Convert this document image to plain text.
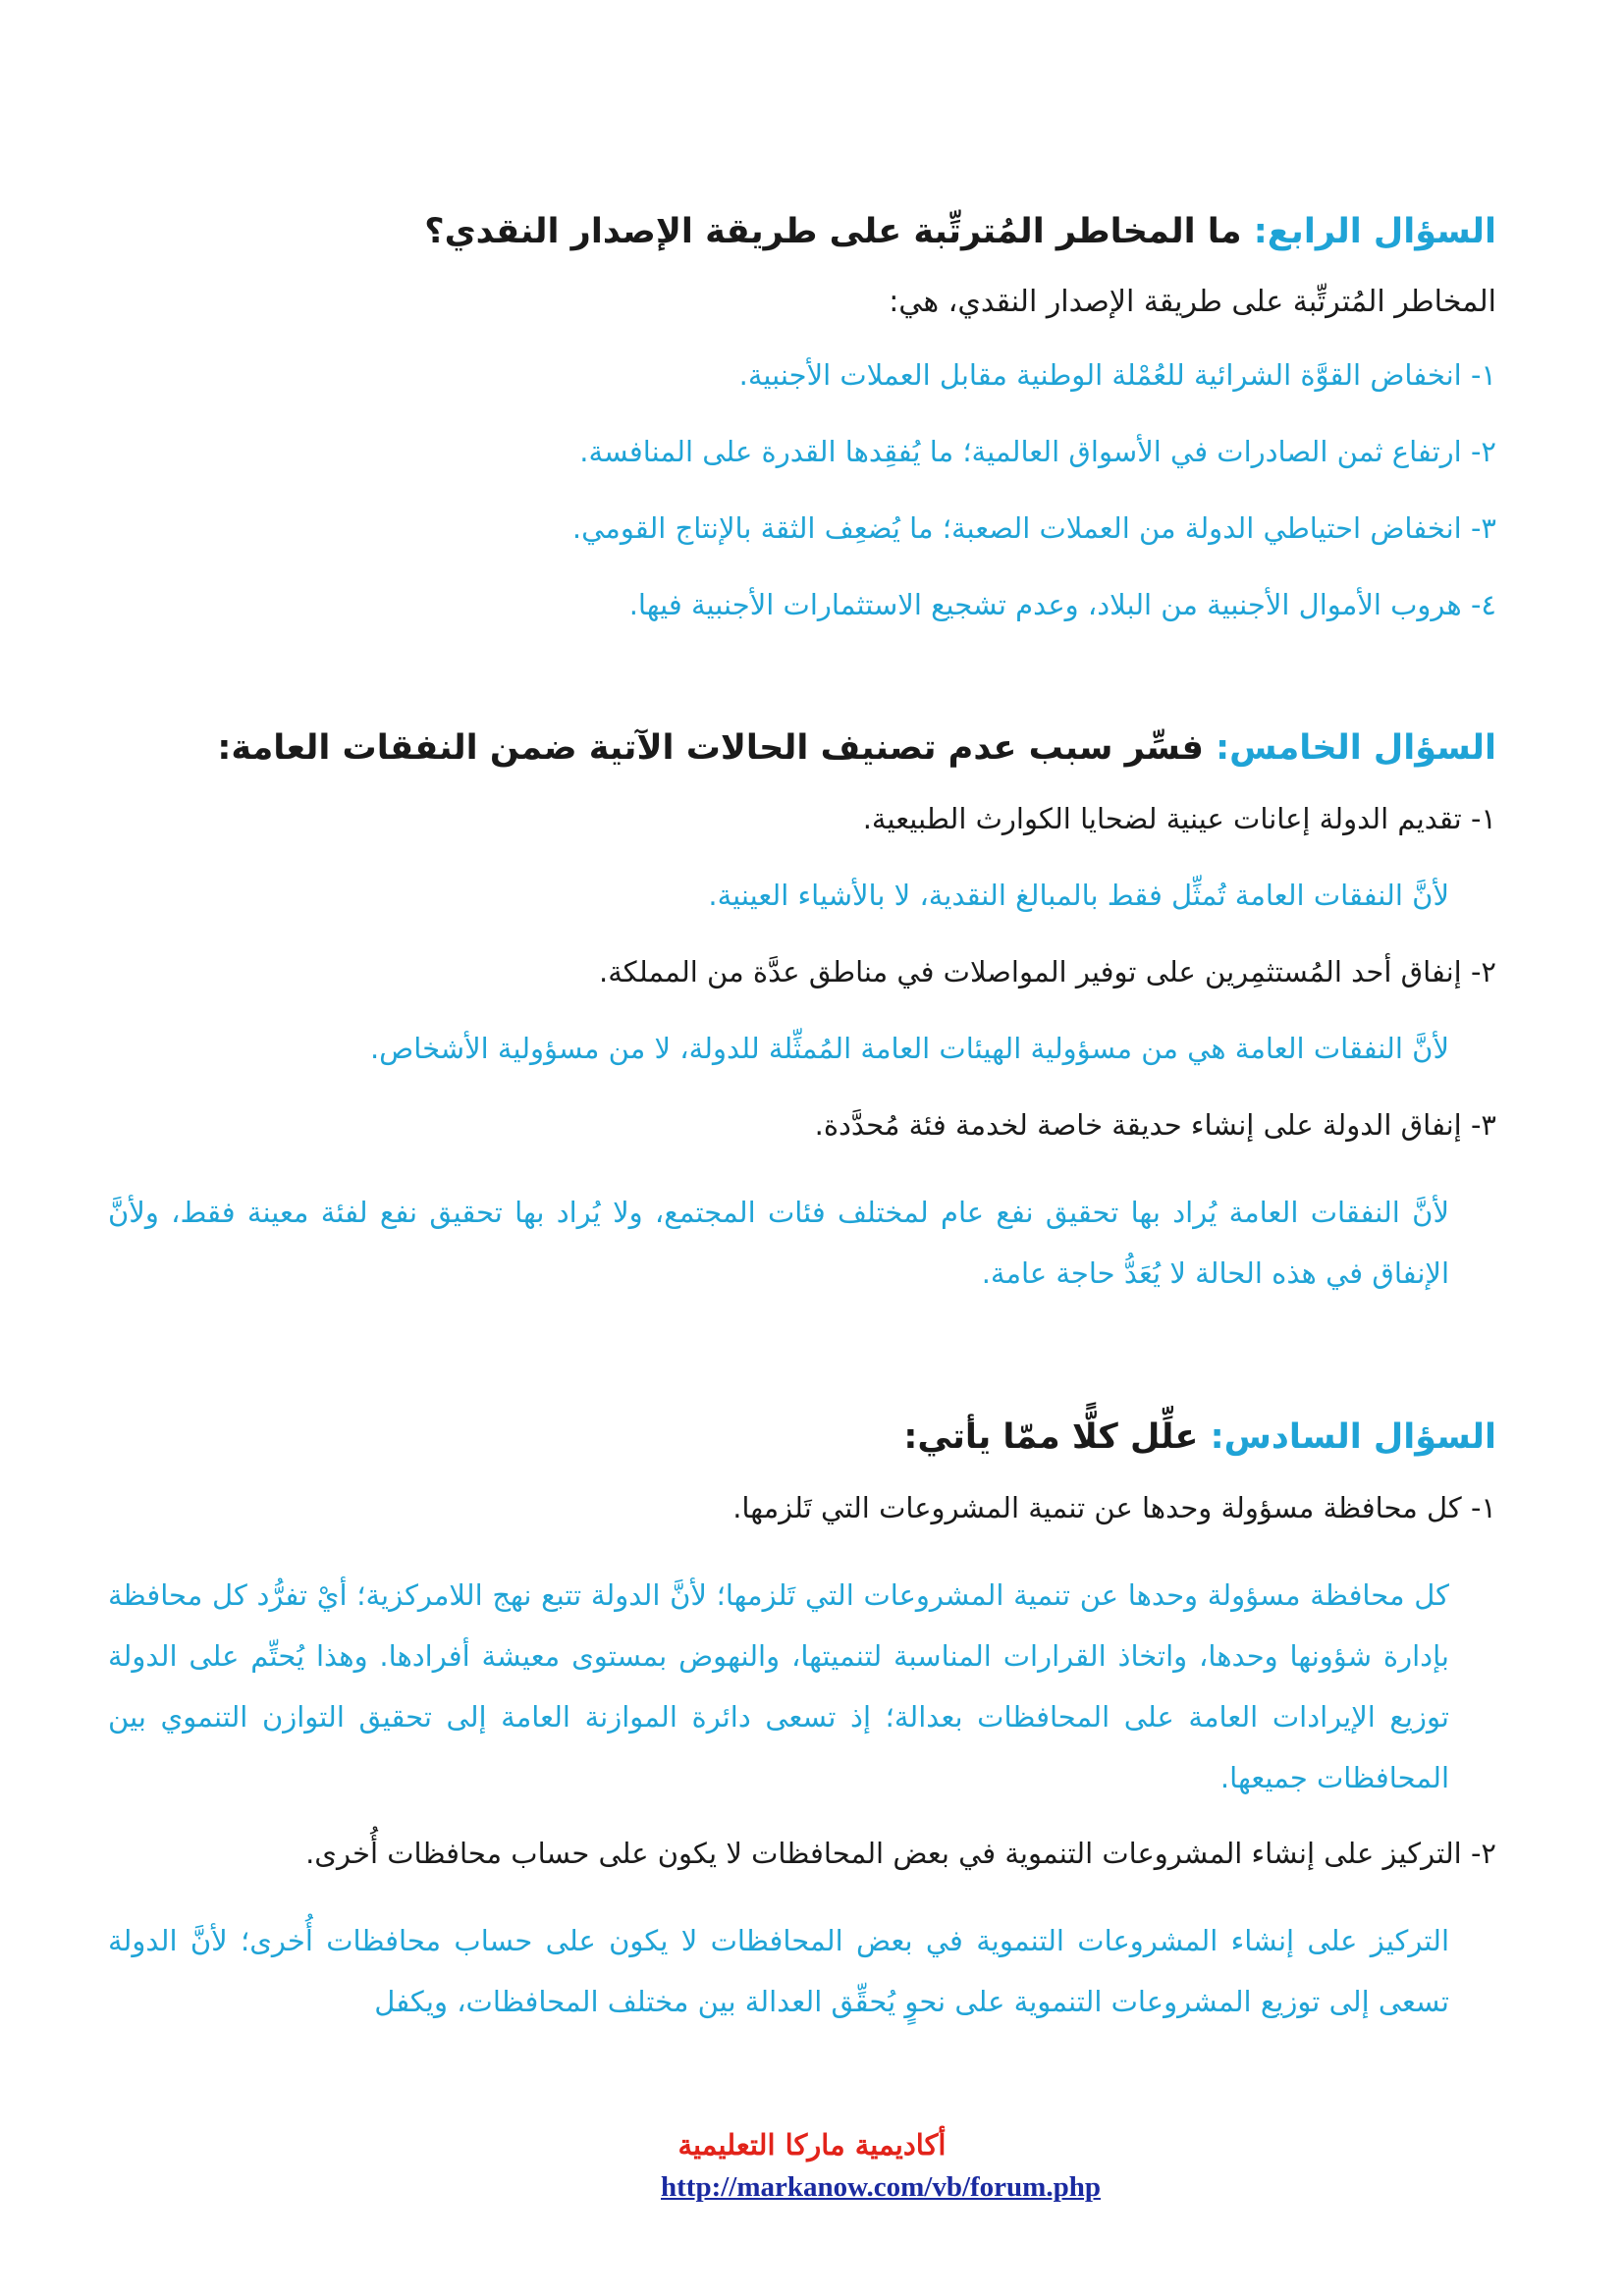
السؤال الرابع: ما المخاطر المُترتِّبة على طريقة الإصدار النقدي؟
المخاطر المُترتِّبة على طريقة الإصدار النقدي، هي:
١- انخفاض القوَّة الشرائية للعُمْلة الوطنية مقابل العملات الأجنبية.
٢- ارتفاع ثمن الصادرات في الأسواق العالمية؛ ما يُفقِدها القدرة على المنافسة.
٣- انخفاض احتياطي الدولة من العملات الصعبة؛ ما يُضعِف الثقة بالإنتاج القومي.
٤- هروب الأموال الأجنبية من البلاد، وعدم تشجيع الاستثمارات الأجنبية فيها.
السؤال الخامس: فسِّر سبب عدم تصنيف الحالات الآتية ضمن النفقات العامة:
١- تقديم الدولة إعانات عينية لضحايا الكوارث الطبيعية.
لأنَّ النفقات العامة تُمثِّل فقط بالمبالغ النقدية، لا بالأشياء العينية.
٢- إنفاق أحد المُستثمِرين على توفير المواصلات في مناطق عدَّة من المملكة.
لأنَّ النفقات العامة هي من مسؤولية الهيئات العامة المُمثِّلة للدولة، لا من مسؤولية الأشخاص.
٣- إنفاق الدولة على إنشاء حديقة خاصة لخدمة فئة مُحدَّدة.
لأنَّ النفقات العامة يُراد بها تحقيق نفع عام لمختلف فئات المجتمع، ولا يُراد بها تحقيق نفع لفئة معينة فقط، ولأنَّ الإنفاق في هذه الحالة لا يُعَدُّ حاجة عامة.
السؤال السادس: علِّل كلًّا ممّا يأتي:
١- كل محافظة مسؤولة وحدها عن تنمية المشروعات التي تَلزمها.
كل محافظة مسؤولة وحدها عن تنمية المشروعات التي تَلزمها؛ لأنَّ الدولة تتبع نهج اللامركزية؛ أيْ تفرُّد كل محافظة بإدارة شؤونها وحدها، واتخاذ القرارات المناسبة لتنميتها، والنهوض بمستوى معيشة أفرادها. وهذا يُحتِّم على الدولة توزيع الإيرادات العامة على المحافظات بعدالة؛ إذ تسعى دائرة الموازنة العامة إلى تحقيق التوازن التنموي بين المحافظات جميعها.
٢- التركيز على إنشاء المشروعات التنموية في بعض المحافظات لا يكون على حساب محافظات أُخرى.
التركيز على إنشاء المشروعات التنموية في بعض المحافظات لا يكون على حساب محافظات أُخرى؛ لأنَّ الدولة تسعى إلى توزيع المشروعات التنموية على نحوٍ يُحقِّق العدالة بين مختلف المحافظات، ويكفل
أكاديمية ماركا التعليمية
http://markanow.com/vb/forum.php
